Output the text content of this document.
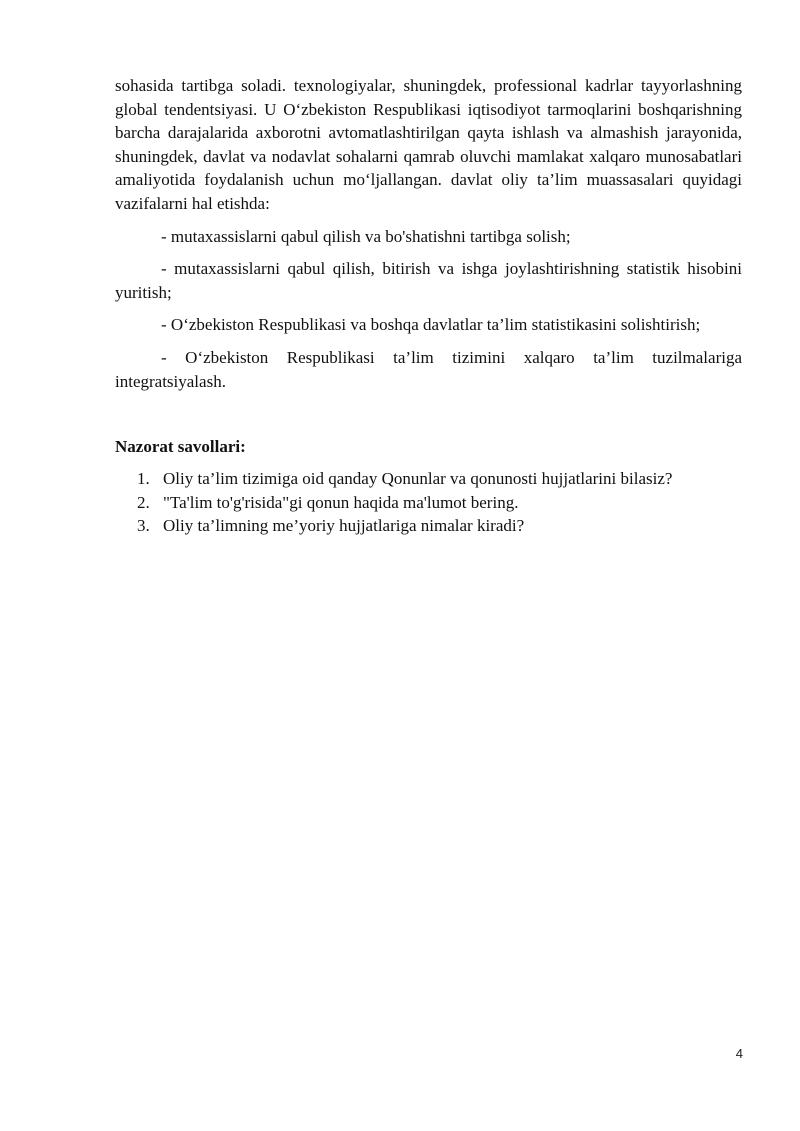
sohasida tartibga soladi. texnologiyalar, shuningdek, professional kadrlar tayyorlashning global tendentsiyasi. U O‘zbekiston Respublikasi iqtisodiyot tarmoqlarini boshqarishning barcha darajalarida axborotni avtomatlashtirilgan qayta ishlash va almashish jarayonida, shuningdek, davlat va nodavlat sohalarni qamrab oluvchi mamlakat xalqaro munosabatlari amaliyotida foydalanish uchun mo‘ljallangan. davlat oliy ta’lim muassasalari quyidagi vazifalarni hal etishda:

- mutaxassislarni qabul qilish va bo'shatishni tartibga solish;

- mutaxassislarni qabul qilish, bitirish va ishga joylashtirishning statistik hisobini yuritish;

- O‘zbekiston Respublikasi va boshqa davlatlar ta’lim statistikasini solishtirish;

- O‘zbekiston Respublikasi ta’lim tizimini xalqaro ta’lim tuzilmalariga integratsiyalash.

Nazorat savollari:
1. Oliy ta’lim tizimiga oid qanday Qonunlar va qonunosti hujjatlarini bilasiz?
2. "Ta'lim to'g'risida"gi qonun haqida ma'lumot bering.
3. Oliy ta’limning me’yoriy hujjatlariga nimalar kiradi?
4
